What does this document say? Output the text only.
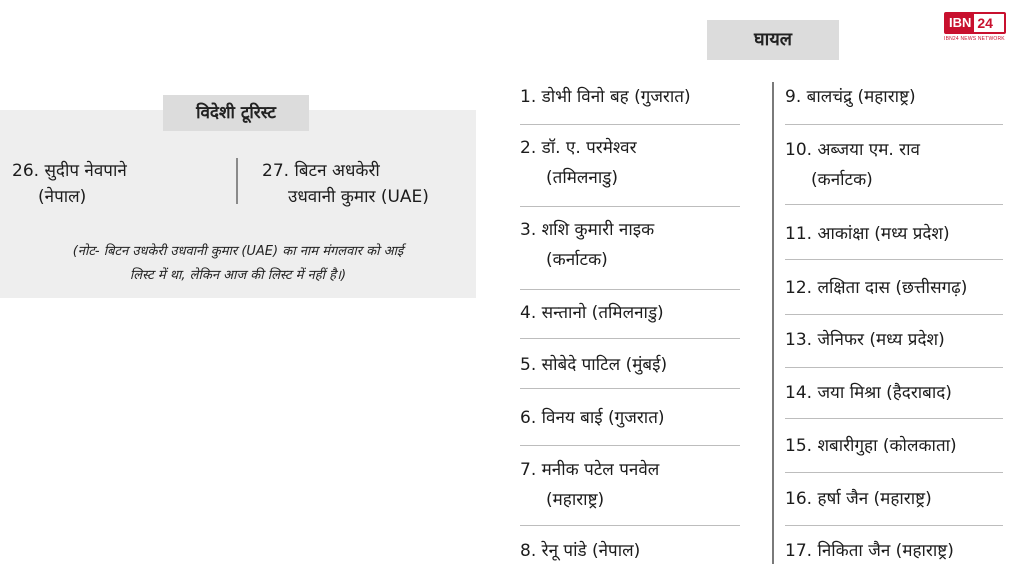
IBN 24
IBN24 NEWS NETWORK
विदेशी टूरिस्ट
26. सुदीप नेवपाने
(नेपाल)
27. बिटन अधकेरी
उधवानी कुमार (UAE)
(नोट- बिटन उधकेरी उधवानी कुमार (UAE) का नाम मंगलवार को आई
लिस्ट में था, लेकिन आज की लिस्ट में नहीं है।)
घायल
1. डोभी विनो बह (गुजरात)
2. डॉ. ए. परमेश्वर
(तमिलनाडु)
3. शशि कुमारी नाइक
(कर्नाटक)
4. सन्तानो (तमिलनाडु)
5. सोबेदे पाटिल (मुंबई)
6. विनय बाई (गुजरात)
7. मनीक पटेल पनवेल
(महाराष्ट्र)
8. रेनू पांडे (नेपाल)
9. बालचंद्रु (महाराष्ट्र)
10. अब्जया एम. राव
(कर्नाटक)
11. आकांक्षा (मध्य प्रदेश)
12. लक्षिता दास (छत्तीसगढ़)
13. जेनिफर (मध्य प्रदेश)
14. जया मिश्रा (हैदराबाद)
15. शबारीगुहा (कोलकाता)
16. हर्षा जैन (महाराष्ट्र)
17. निकिता जैन (महाराष्ट्र)
